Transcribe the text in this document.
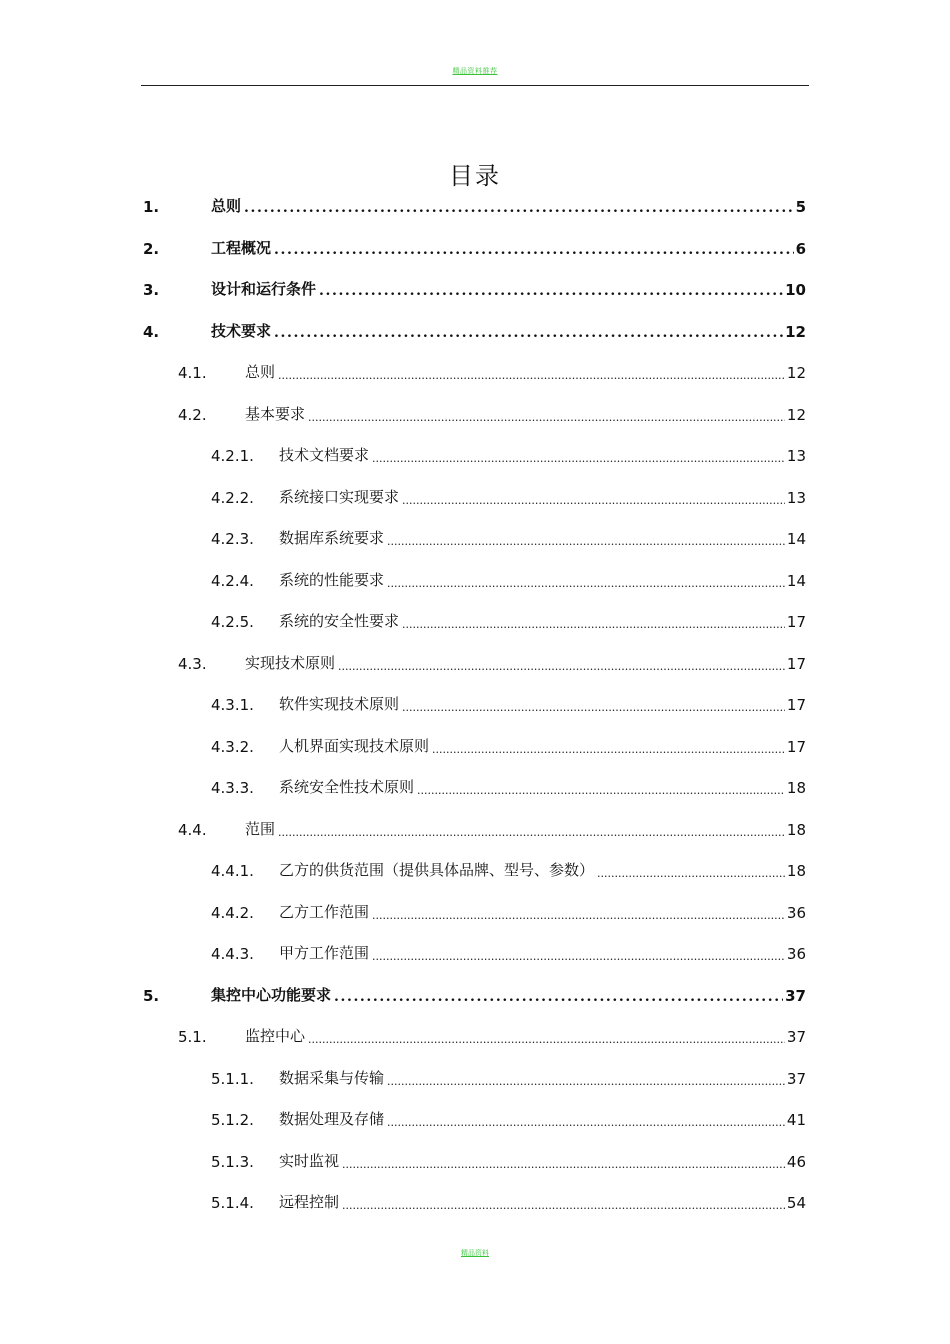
精品资料推荐
目录
1.	总则 .....	5
2.	工程概况 .....	6
3.	设计和运行条件 .....	10
4.	技术要求 .....	12
4.1.	总则 .....	12
4.2.	基本要求 .....	12
4.2.1.	技术文档要求 .....	13
4.2.2.	系统接口实现要求 .....	13
4.2.3.	数据库系统要求 .....	14
4.2.4.	系统的性能要求 .....	14
4.2.5.	系统的安全性要求 .....	17
4.3.	实现技术原则 .....	17
4.3.1.	软件实现技术原则 .....	17
4.3.2.	人机界面实现技术原则 .....	17
4.3.3.	系统安全性技术原则 .....	18
4.4.	范围 .....	18
4.4.1.	乙方的供货范围（提供具体品牌、型号、参数） .....	18
4.4.2.	乙方工作范围 .....	36
4.4.3.	甲方工作范围 .....	36
5.	集控中心功能要求 .....	37
5.1.	监控中心 .....	37
5.1.1.	数据采集与传输 .....	37
5.1.2.	数据处理及存储 .....	41
5.1.3.	实时监视 .....	46
5.1.4.	远程控制 .....	54
精品资料
